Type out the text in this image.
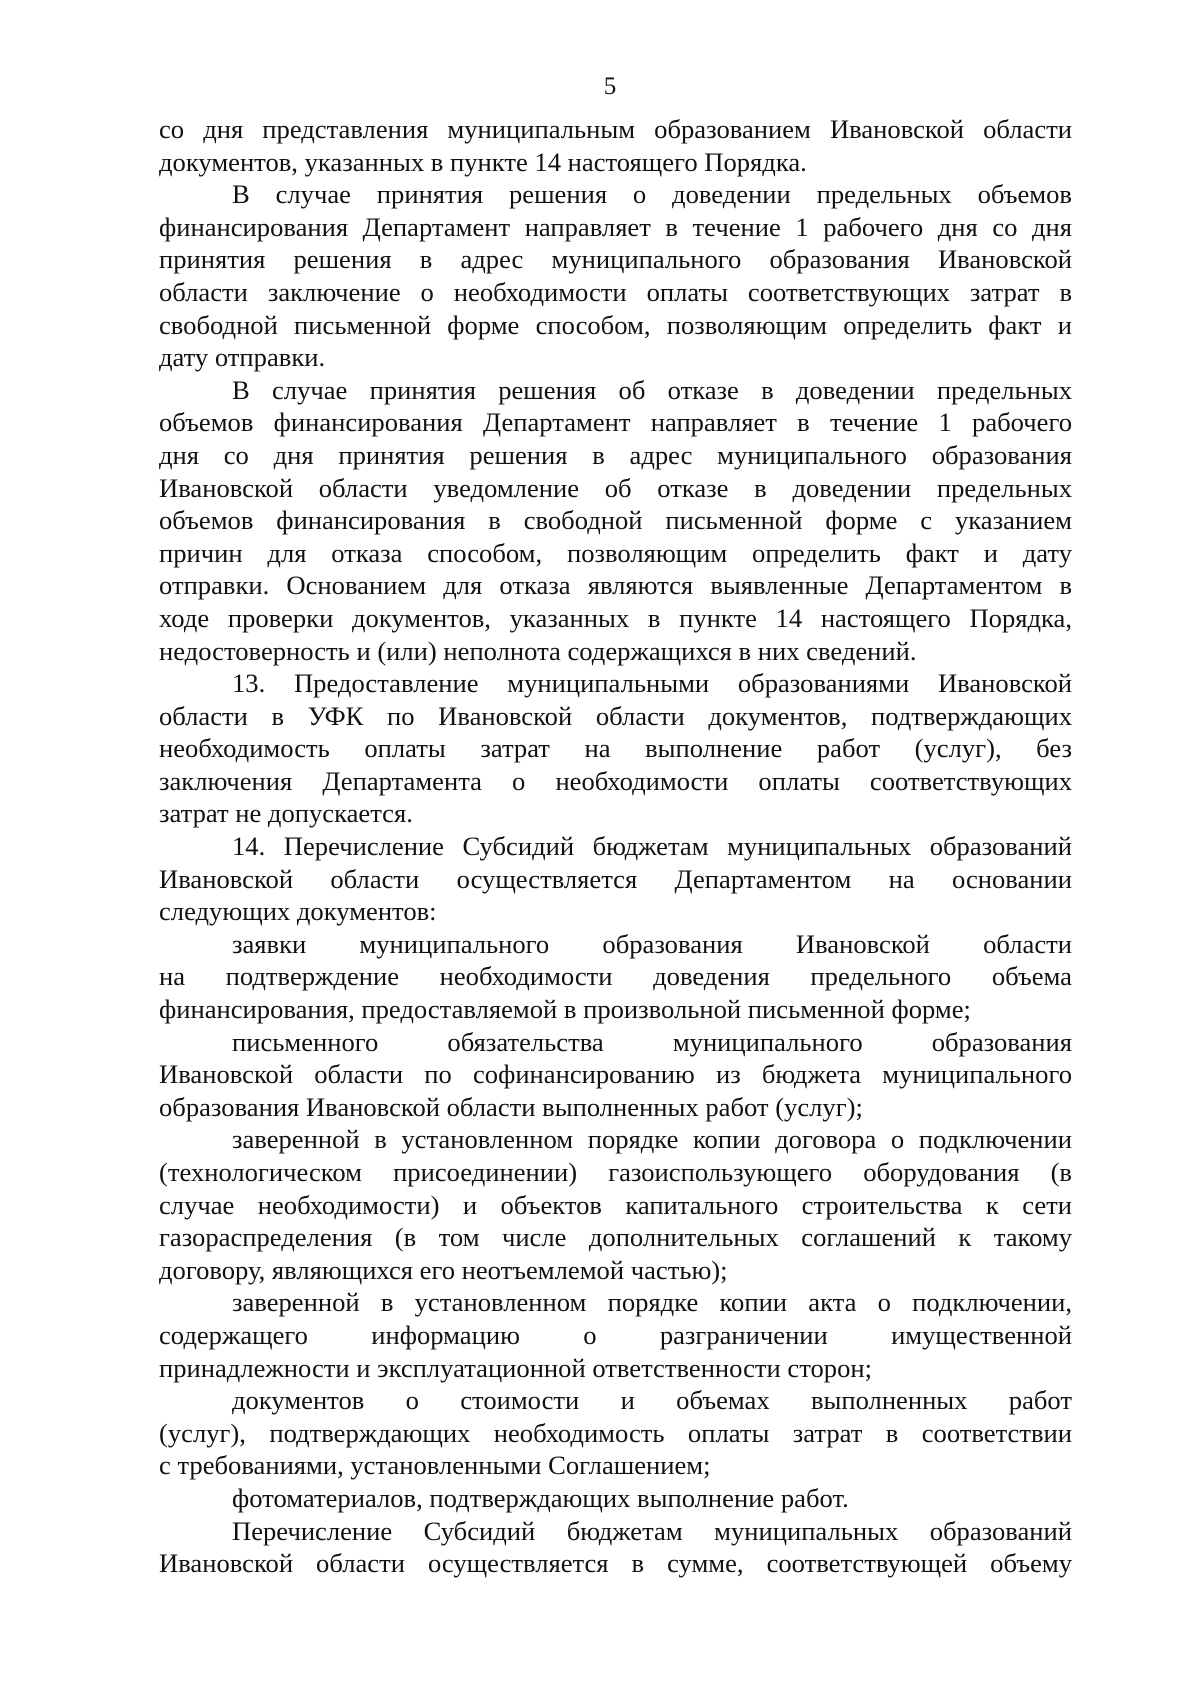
5
со дня представления муниципальным образованием Ивановской области
документов, указанных в пункте 14 настоящего Порядка.
В случае принятия решения о доведении предельных объемов
финансирования Департамент направляет в течение 1 рабочего дня со дня
принятия решения в адрес муниципального образования Ивановской
области заключение о необходимости оплаты соответствующих затрат в
свободной письменной форме способом, позволяющим определить факт и
дату отправки.
В случае принятия решения об отказе в доведении предельных
объемов финансирования Департамент направляет в течение 1 рабочего
дня со дня принятия решения в адрес муниципального образования
Ивановской области уведомление об отказе в доведении предельных
объемов финансирования в свободной письменной форме с указанием
причин для отказа способом, позволяющим определить факт и дату
отправки. Основанием для отказа являются выявленные Департаментом в
ходе проверки документов, указанных в пункте 14 настоящего Порядка,
недостоверность и (или) неполнота содержащихся в них сведений.
13. Предоставление муниципальными образованиями Ивановской
области в УФК по Ивановской области документов, подтверждающих
необходимость оплаты затрат на выполнение работ (услуг), без
заключения Департамента о необходимости оплаты соответствующих
затрат не допускается.
14. Перечисление Субсидий бюджетам муниципальных образований
Ивановской области осуществляется Департаментом на основании
следующих документов:
заявки муниципального образования Ивановской области
на подтверждение необходимости доведения предельного объема
финансирования, предоставляемой в произвольной письменной форме;
письменного обязательства муниципального образования
Ивановской области по софинансированию из бюджета муниципального
образования Ивановской области выполненных работ (услуг);
заверенной в установленном порядке копии договора о подключении
(технологическом присоединении) газоиспользующего оборудования (в
случае необходимости) и объектов капитального строительства к сети
газораспределения (в том числе дополнительных соглашений к такому
договору, являющихся его неотъемлемой частью);
заверенной в установленном порядке копии акта о подключении,
содержащего информацию о разграничении имущественной
принадлежности и эксплуатационной ответственности сторон;
документов о стоимости и объемах выполненных работ
(услуг), подтверждающих необходимость оплаты затрат в соответствии
с требованиями, установленными Соглашением;
фотоматериалов, подтверждающих выполнение работ.
Перечисление Субсидий бюджетам муниципальных образований
Ивановской области осуществляется в сумме, соответствующей объему
